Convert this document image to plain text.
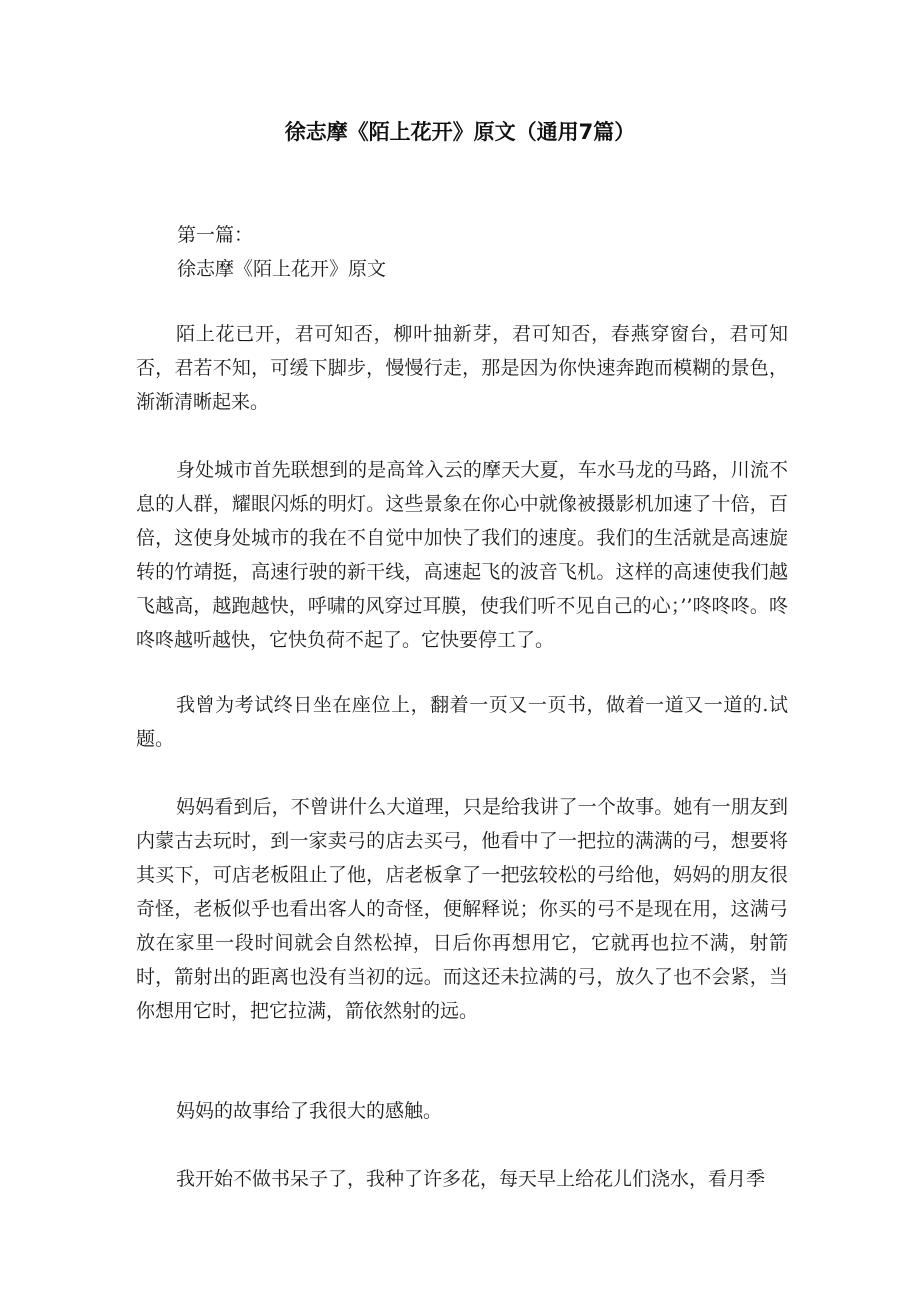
徐志摩《陌上花开》原文（通用7篇）

第一篇：

徐志摩《陌上花开》原文

陌上花已开，君可知否，柳叶抽新芽，君可知否，春燕穿窗台，君可知否，君若不知，可缓下脚步，慢慢行走，那是因为你快速奔跑而模糊的景色，渐渐清晰起来。

身处城市首先联想到的是高耸入云的摩天大夏，车水马龙的马路，川流不息的人群，耀眼闪烁的明灯。这些景象在你心中就像被摄影机加速了十倍，百倍，这使身处城市的我在不自觉中加快了我们的速度。我们的生活就是高速旋转的竹靖挺，高速行驶的新干线，高速起飞的波音飞机。这样的高速使我们越飞越高，越跑越快，呼啸的风穿过耳膜，使我们听不见自己的心；’’咚咚咚。咚咚咚越听越快，它快负荷不起了。它快要停工了。

我曾为考试终日坐在座位上，翻着一页又一页书，做着一道又一道的.试题。

妈妈看到后，不曾讲什么大道理，只是给我讲了一个故事。她有一朋友到内蒙古去玩时，到一家卖弓的店去买弓，他看中了一把拉的满满的弓，想要将其买下，可店老板阻止了他，店老板拿了一把弦较松的弓给他，妈妈的朋友很奇怪，老板似乎也看出客人的奇怪，便解释说；你买的弓不是现在用，这满弓放在家里一段时间就会自然松掉，日后你再想用它，它就再也拉不满，射箭时，箭射出的距离也没有当初的远。而这还未拉满的弓，放久了也不会紧，当你想用它时，把它拉满，箭依然射的远。

妈妈的故事给了我很大的感触。

我开始不做书呆子了，我种了许多花，每天早上给花儿们浇水，看月季
